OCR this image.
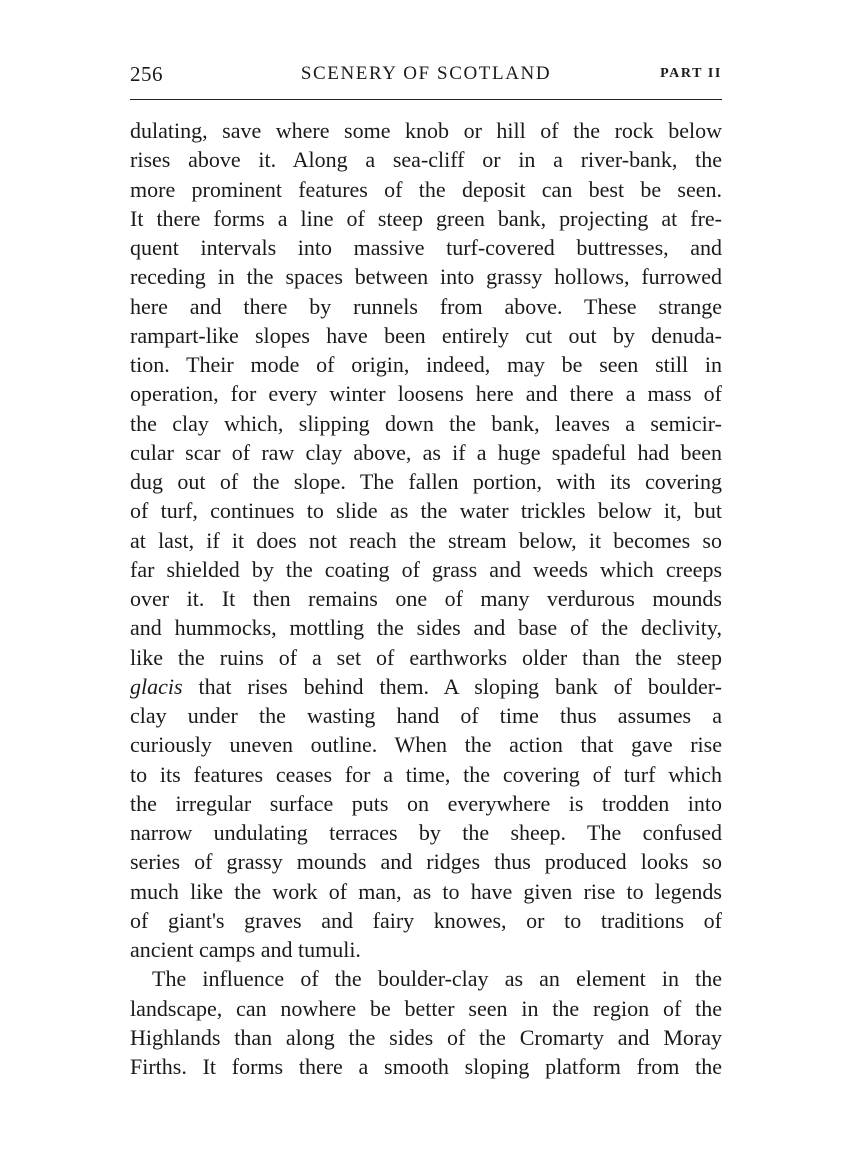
256	SCENERY OF SCOTLAND	PART II
dulating, save where some knob or hill of the rock below
rises above it. Along a sea-cliff or in a river-bank, the
more prominent features of the deposit can best be seen.
It there forms a line of steep green bank, projecting at fre-
quent intervals into massive turf-covered buttresses, and
receding in the spaces between into grassy hollows, furrowed
here and there by runnels from above. These strange
rampart-like slopes have been entirely cut out by denuda-
tion. Their mode of origin, indeed, may be seen still in
operation, for every winter loosens here and there a mass of
the clay which, slipping down the bank, leaves a semicir-
cular scar of raw clay above, as if a huge spadeful had been
dug out of the slope. The fallen portion, with its covering
of turf, continues to slide as the water trickles below it, but
at last, if it does not reach the stream below, it becomes so
far shielded by the coating of grass and weeds which creeps
over it. It then remains one of many verdurous mounds
and hummocks, mottling the sides and base of the declivity,
like the ruins of a set of earthworks older than the steep
glacis that rises behind them. A sloping bank of boulder-
clay under the wasting hand of time thus assumes a
curiously uneven outline. When the action that gave rise
to its features ceases for a time, the covering of turf which
the irregular surface puts on everywhere is trodden into
narrow undulating terraces by the sheep. The confused
series of grassy mounds and ridges thus produced looks so
much like the work of man, as to have given rise to legends
of giant's graves and fairy knowes, or to traditions of
ancient camps and tumuli.
The influence of the boulder-clay as an element in the
landscape, can nowhere be better seen in the region of the
Highlands than along the sides of the Cromarty and Moray
Firths. It forms there a smooth sloping platform from the
